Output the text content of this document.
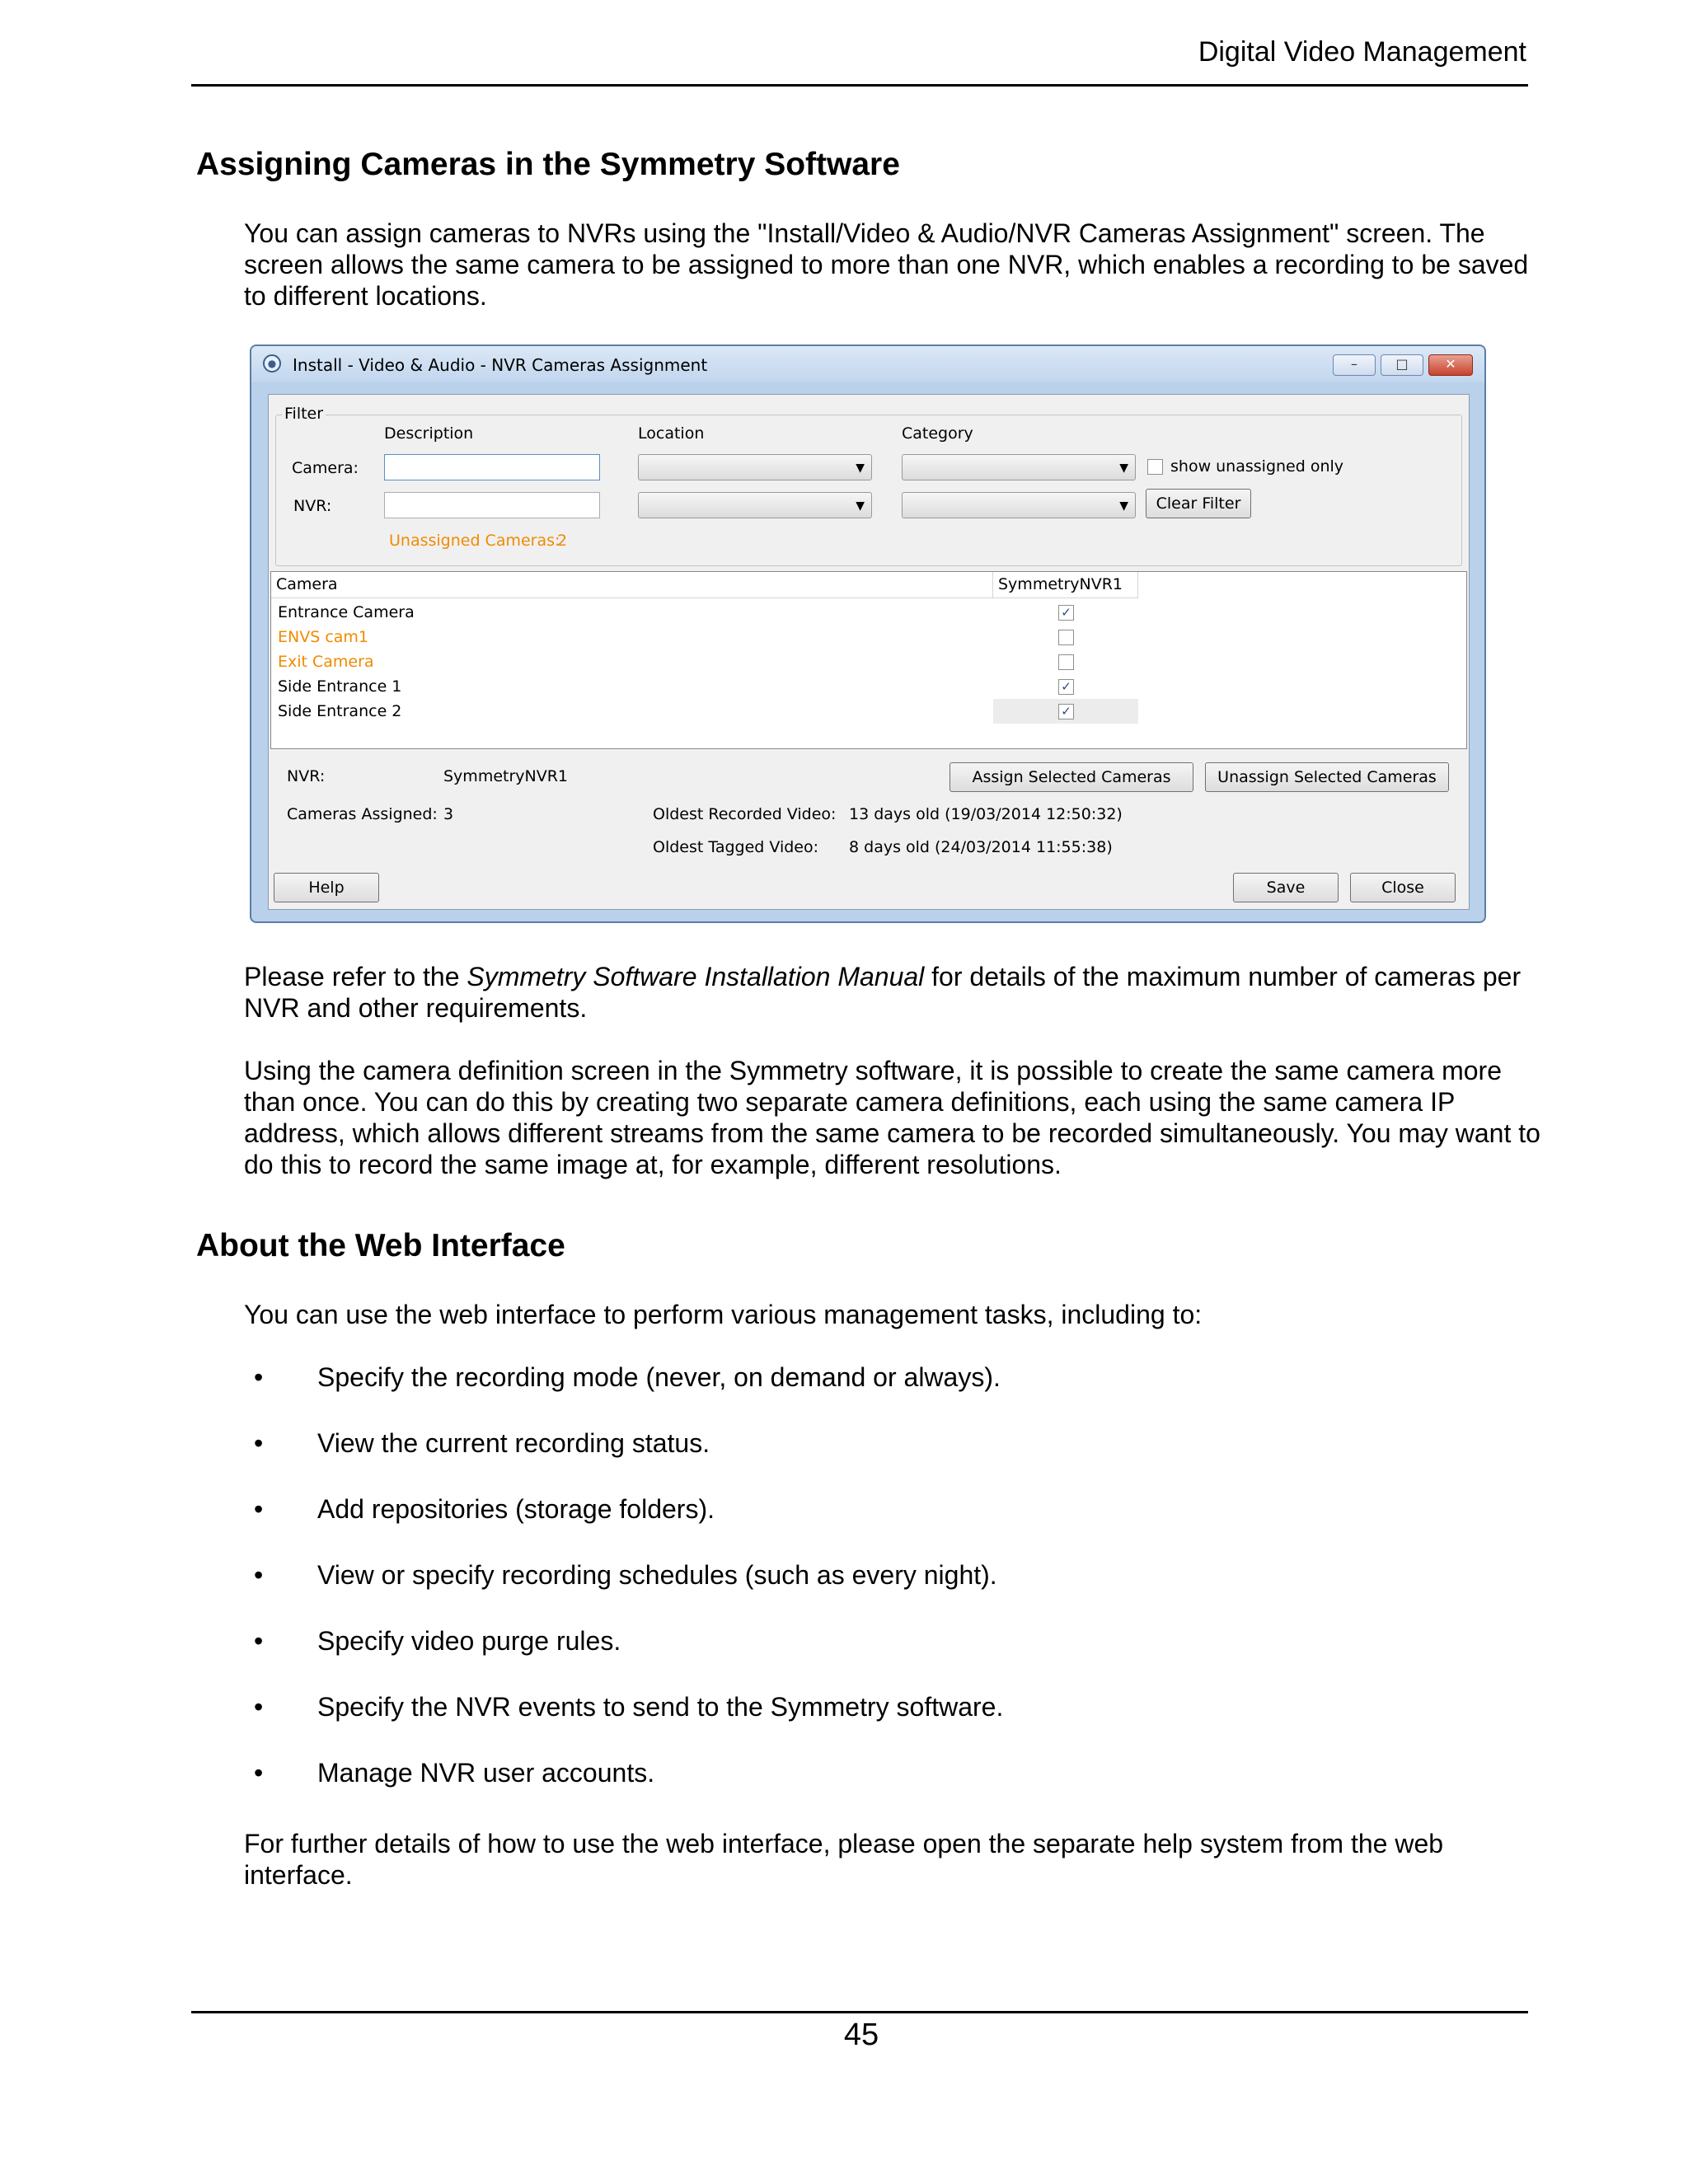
Digital Video Management
Assigning Cameras in the Symmetry Software

You can assign cameras to NVRs using the "Install/Video & Audio/NVR Cameras Assignment" screen. The screen allows the same camera to be assigned to more than one NVR, which enables a recording to be saved to different locations.

● Install - Video & Audio - NVR Cameras Assignment	–	□	✕
Filter
Description	Location	Category
Camera:	▼	▼	show unassigned only
NVR:	▼	▼	Clear Filter
Unassigned Cameras:
2
Camera	SymmetryNVR1
Entrance Camera	✓
ENVS cam1
Exit Camera
Side Entrance 1	✓
Side Entrance 2	✓
NVR:	SymmetryNVR1	Assign Selected Cameras	Unassign Selected Cameras
Cameras Assigned: 3	Oldest Recorded Video: 13 days old (19/03/2014 12:50:32)
Oldest Tagged Video: 8 days old (24/03/2014 11:55:38)
Help	Save	Close

Please refer to the Symmetry Software Installation Manual for details of the maximum number of cameras per NVR and other requirements.

Using the camera definition screen in the Symmetry software, it is possible to create the same camera more than once. You can do this by creating two separate camera definitions, each using the same camera IP address, which allows different streams from the same camera to be recorded simultaneously. You may want to do this to record the same image at, for example, different resolutions.

About the Web Interface

You can use the web interface to perform various management tasks, including to:

• Specify the recording mode (never, on demand or always).
• View the current recording status.
• Add repositories (storage folders).
• View or specify recording schedules (such as every night).
• Specify video purge rules.
• Specify the NVR events to send to the Symmetry software.
• Manage NVR user accounts.

For further details of how to use the web interface, please open the separate help system from the web interface.

45
